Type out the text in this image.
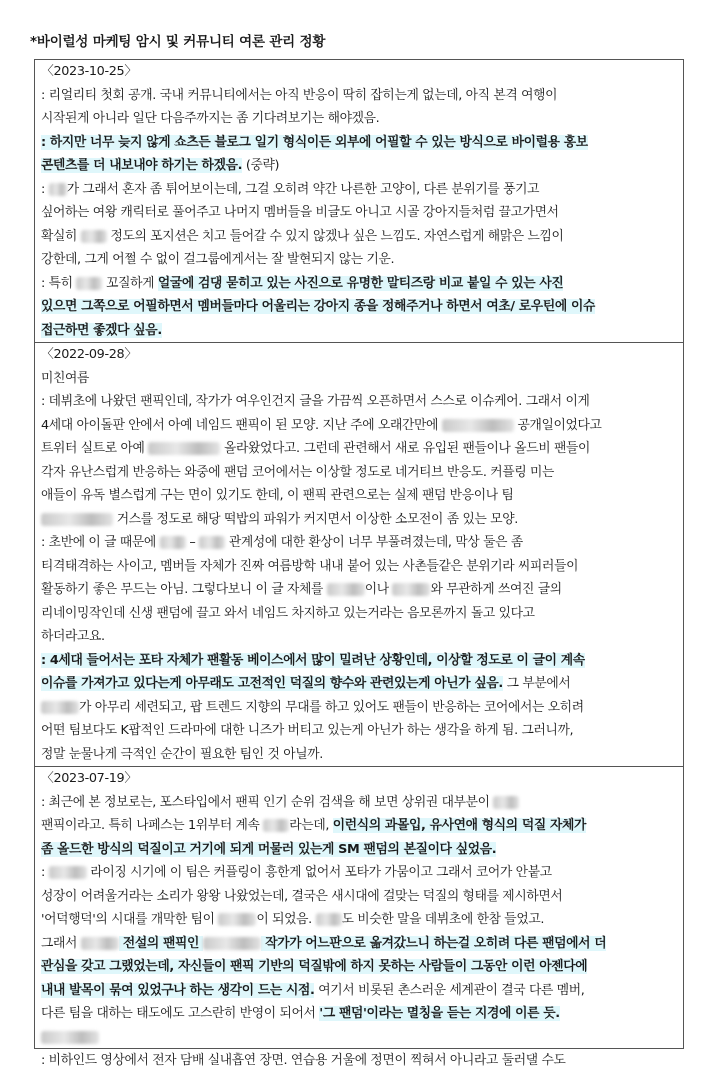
*바이럴성 마케팅 암시 및 커뮤니티 여론 관리 정황
〈2023-10-25〉
: 리얼리티 첫회 공개. 국내 커뮤니티에서는 아직 반응이 딱히 잡히는게 없는데, 아직 본격 여행이
시작된게 아니라 일단 다음주까지는 좀 기다려보기는 해야겠음.
: 하지만 너무 늦지 않게 쇼츠든 블로그 일기 형식이든 외부에 어필할 수 있는 방식으로 바이럴용 홍보
콘텐츠를 더 내보내야 하기는 하겠음. (중략)
: 가 그래서 혼자 좀 튀어보이는데, 그걸 오히려 약간 나른한 고양이, 다른 분위기를 풍기고
싶어하는 여왕 캐릭터로 풀어주고 나머지 멤버들을 비글도 아니고 시골 강아지들처럼 끌고가면서
확실히  정도의 포지션은 치고 들어갈 수 있지 않겠나 싶은 느낌도. 자연스럽게 해맑은 느낌이
강한데, 그게 어쩔 수 없이 걸그룹에게서는 잘 발현되지 않는 기운.
: 특히  꼬질하게 얼굴에 검댕 묻히고 있는 사진으로 유명한 말티즈랑 비교 붙일 수 있는 사진
있으면 그쪽으로 어필하면서 멤버들마다 어울리는 강아지 종을 정해주거나 하면서 여초/ 로우틴에 이슈
접근하면 좋겠다 싶음.
〈2022-09-28〉
미친여름
: 데뷔초에 나왔던 팬픽인데, 작가가 여우인건지 글을 가끔씩 오픈하면서 스스로 이슈케어. 그래서 이게
4세대 아이돌판 안에서 아예 네임드 팬픽이 된 모양. 지난 주에 오래간만에	공개일이었다고
트위터 실트로 아예	올라왔었다고. 그런데 관련해서 새로 유입된 팬들이나 올드비 팬들이
각자 유난스럽게 반응하는 와중에 팬덤 코어에서는 이상할 정도로 네거티브 반응도. 커플링 미는
애들이 유독 별스럽게 구는 면이 있기도 한데, 이 팬픽 관련으로는 실제 팬덤 반응이나 팀
거스를 정도로 해당 떡밥의 파워가 커지면서 이상한 소모전이 좀 있는 모양.
: 초반에 이 글 때문에  –  관계성에 대한 환상이 너무 부풀려졌는데, 막상 둘은 좀
티격태격하는 사이고, 멤버들 자체가 진짜 여름방학 내내 붙어 있는 사촌들같은 분위기라 씨피러들이
활동하기 좋은 무드는 아님. 그렇다보니 이 글 자체를	이나	와 무관하게 쓰여진 글의
리네이밍작인데 신생 팬덤에 끌고 와서 네임드 차지하고 있는거라는 음모론까지 돌고 있다고
하더라고요.
: 4세대 들어서는 포타 자체가 팬활동 베이스에서 많이 밀려난 상황인데, 이상할 정도로 이 글이 계속
이슈를 가져가고 있다는게 아무래도 고전적인 덕질의 향수와 관련있는게 아닌가 싶음. 그 부분에서
가 아무리 세련되고, 팝 트렌드 지향의 무대를 하고 있어도 팬들이 반응하는 코어에서는 오히려
어떤 팀보다도 K팝적인 드라마에 대한 니즈가 버티고 있는게 아닌가 하는 생각을 하게 됨. 그러니까,
정말 눈물나게 극적인 순간이 필요한 팀인 것 아닐까.
〈2023-07-19〉
: 최근에 본 정보로는, 포스타입에서 팬픽 인기 순위 검색을 해 보면 상위권 대부분이
팬픽이라고. 특히 나페스는 1위부터 계속 라는데, 이런식의 과몰입, 유사연애 형식의 덕질 자체가
좀 올드한 방식의 덕질이고 거기에 되게 머물러 있는게 SM 팬덤의 본질이다 싶었음.
:	라이징 시기에 이 팀은 커플링이 흥한게 없어서 포타가 가뭄이고 그래서 코어가 안붙고
성장이 어려울거라는 소리가 왕왕 나왔었는데, 결국은 새시대에 걸맞는 덕질의 형태를 제시하면서
'어덕행덕'의 시대를 개막한 팀이	이 되었음. 도 비슷한 말을 데뷔초에 한참 들었고.
그래서	전설의 팬픽인	작가가 어느판으로 옮겨갔느니 하는걸 오히려 다른 팬덤에서 더
관심을 갖고 그랬었는데, 자신들이 팬픽 기반의 덕질밖에 하지 못하는 사람들이 그동안 이런 아젠다에
내내 발목이 묶여 있었구나 하는 생각이 드는 시점. 여기서 비롯된 촌스러운 세계관이 결국 다른 멤버,
다른 팀을 대하는 태도에도 고스란히 반영이 되어서 '그 팬덤'이라는 멸칭을 듣는 지경에 이른 듯.
: 비하인드 영상에서 전자 담배 실내흡연 장면. 연습용 거울에 정면이 찍혀서 아니라고 둘러댈 수도
